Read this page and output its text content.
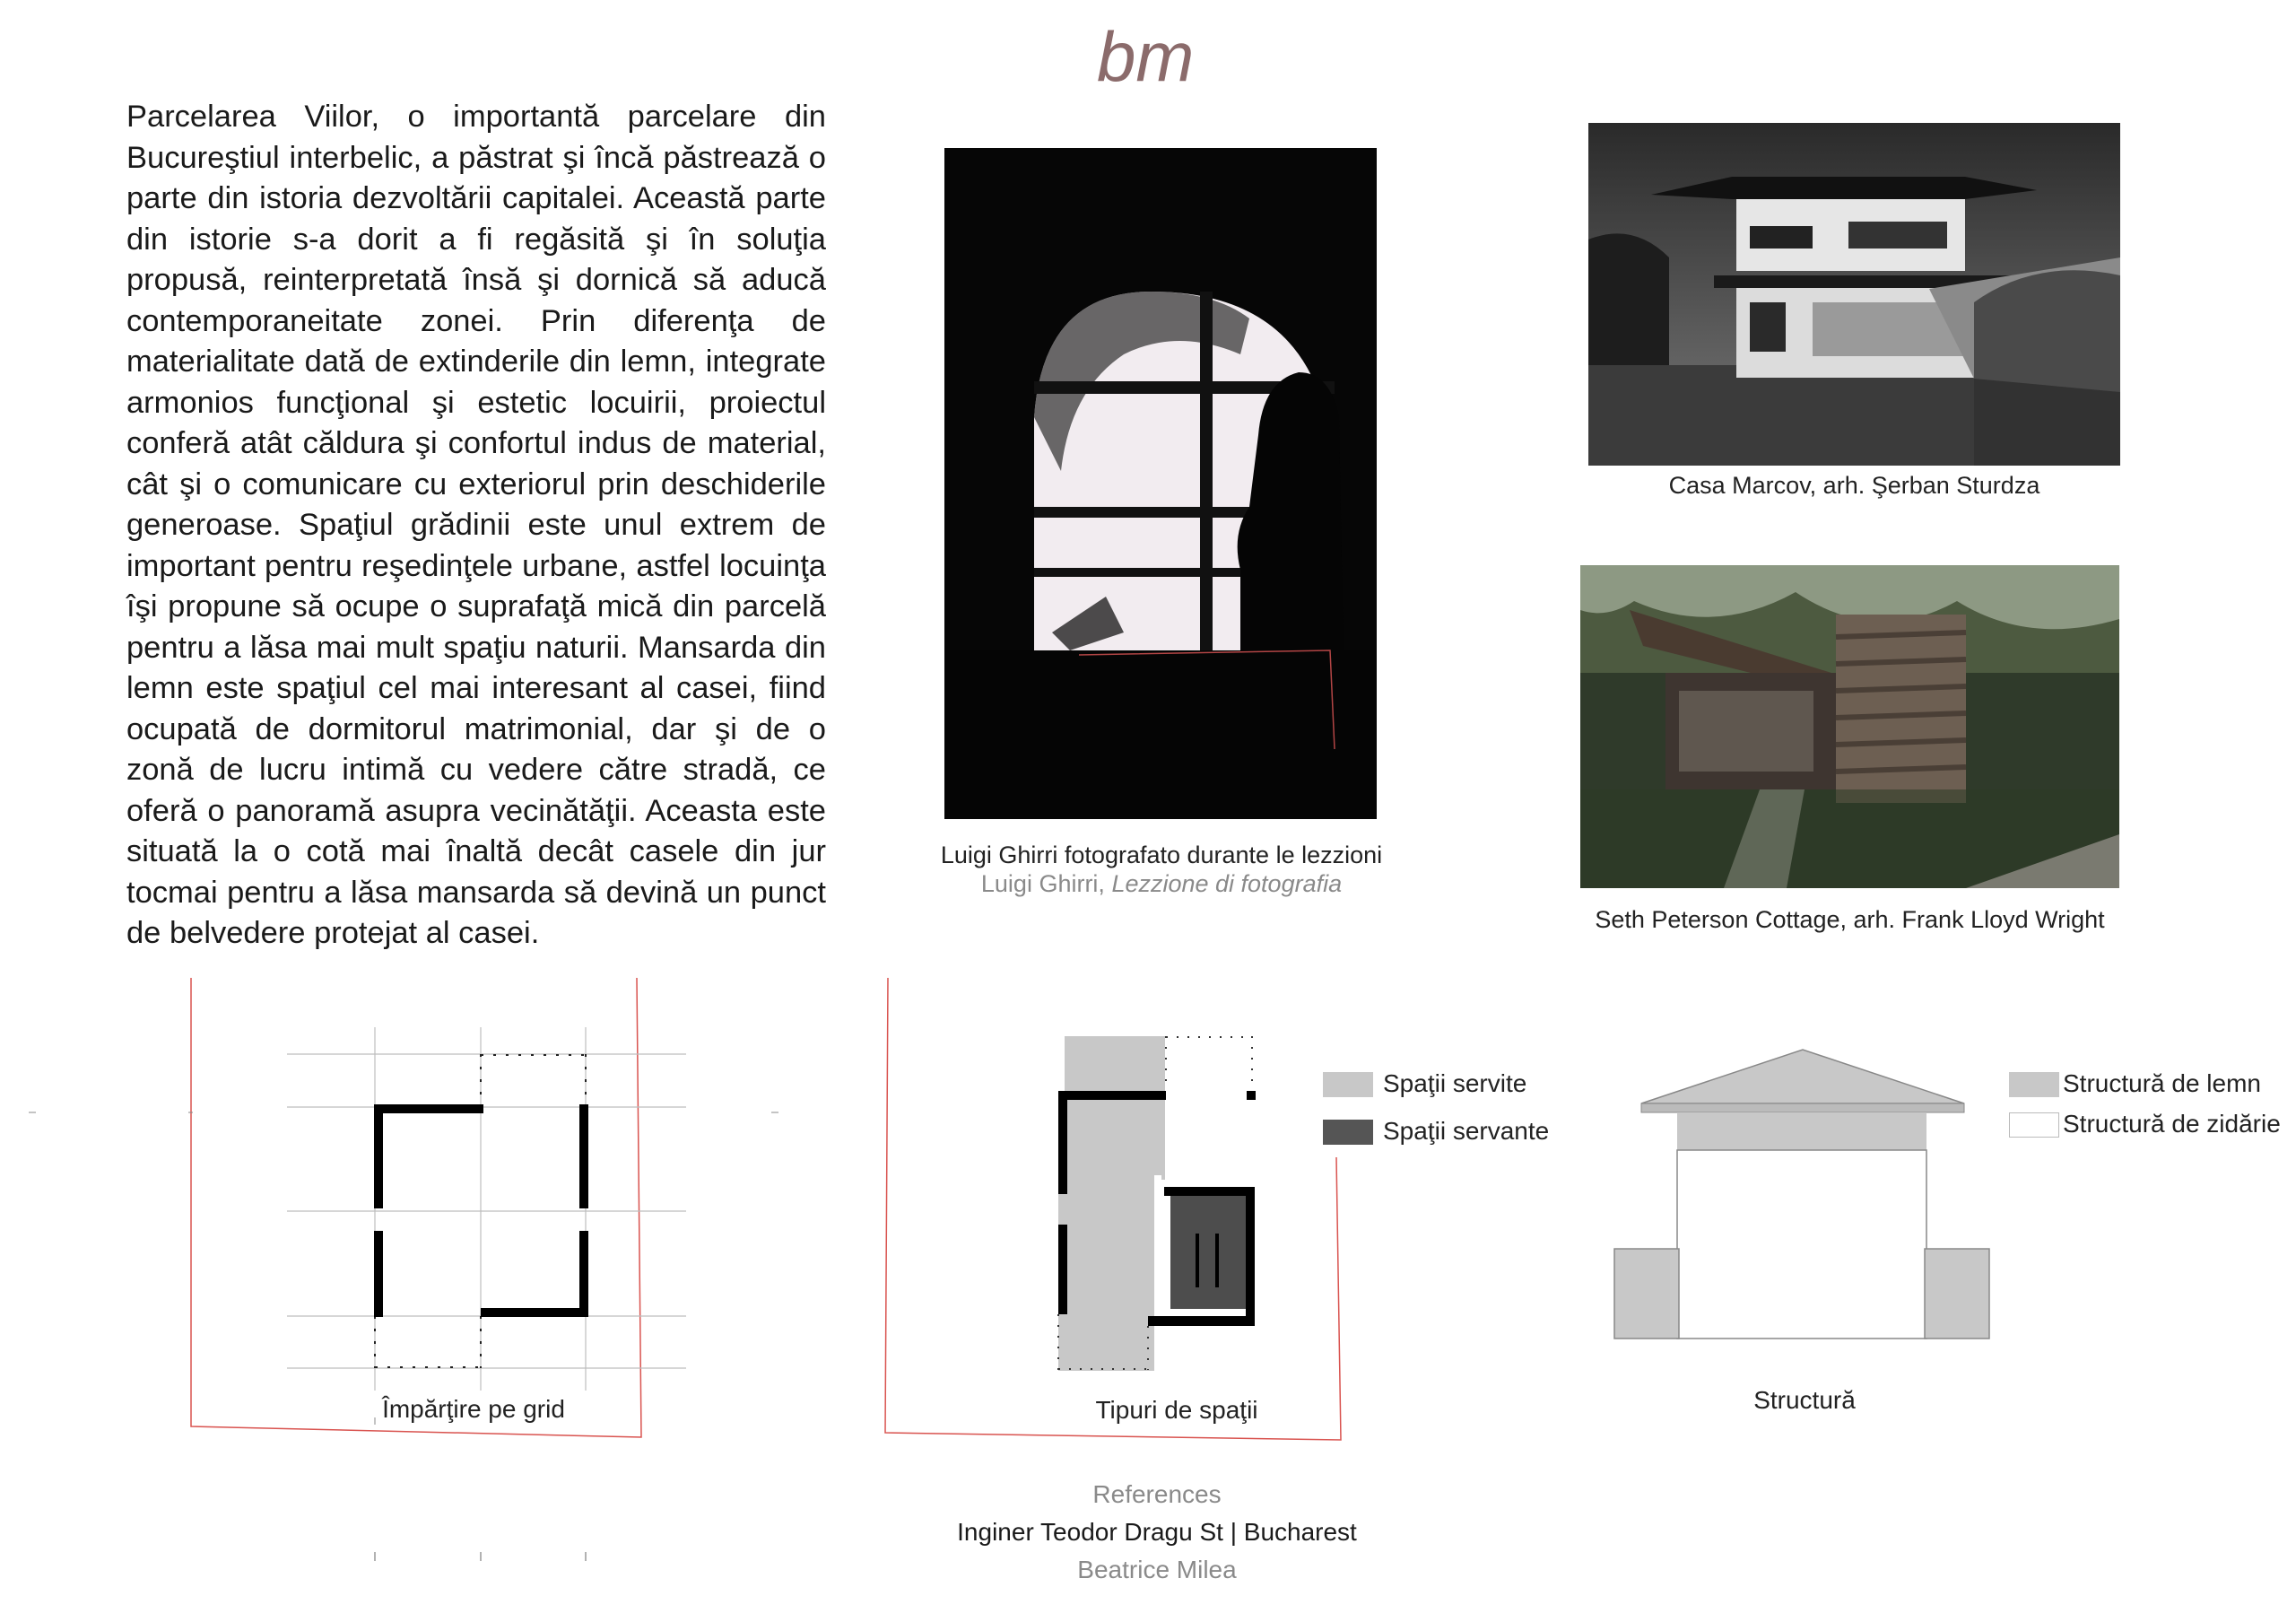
bm
Parcelarea Viilor, o importantă parcelare din Bucureştiul interbelic, a păstrat şi încă păstrează o parte din istoria dezvoltării capitalei. Această parte din istorie s-a dorit a fi regăsită şi în soluţia propusă, reinterpretată însă şi dornică să aducă contemporaneitate zonei. Prin diferenţa de materialitate dată de extinderile din lemn, integrate armonios funcţional şi estetic locuirii, proiectul conferă atât căldura şi confortul indus de material, cât şi o comunicare cu exteriorul prin deschiderile generoase. Spaţiul grădinii este unul extrem de important pentru reşedinţele urbane, astfel locuinţa îşi propune să ocupe o suprafaţă mică din parcelă pentru a lăsa mai mult spaţiu naturii. Mansarda din lemn este spaţiul cel mai interesant al casei, fiind ocupată de dormitorul matrimonial, dar şi de o zonă de lucru intimă cu vedere către stradă, ce oferă o panoramă asupra vecinătăţii. Aceasta este situată la o cotă mai înaltă decât casele din jur tocmai pentru a lăsa mansarda să devină un punct de belvedere protejat al casei.
Luigi Ghirri fotografato durante le lezzioni
Luigi Ghirri, Lezzione di fotografia
Casa Marcov, arh. Şerban Sturdza
Seth Peterson Cottage, arh. Frank Lloyd Wright
Împărţire pe grid	Tipuri de spaţii
Spaţii servite
Spaţii servante
Structură
Structură de lemn
Structură de zidărie
References
Inginer Teodor Dragu St | Bucharest
Beatrice Milea
